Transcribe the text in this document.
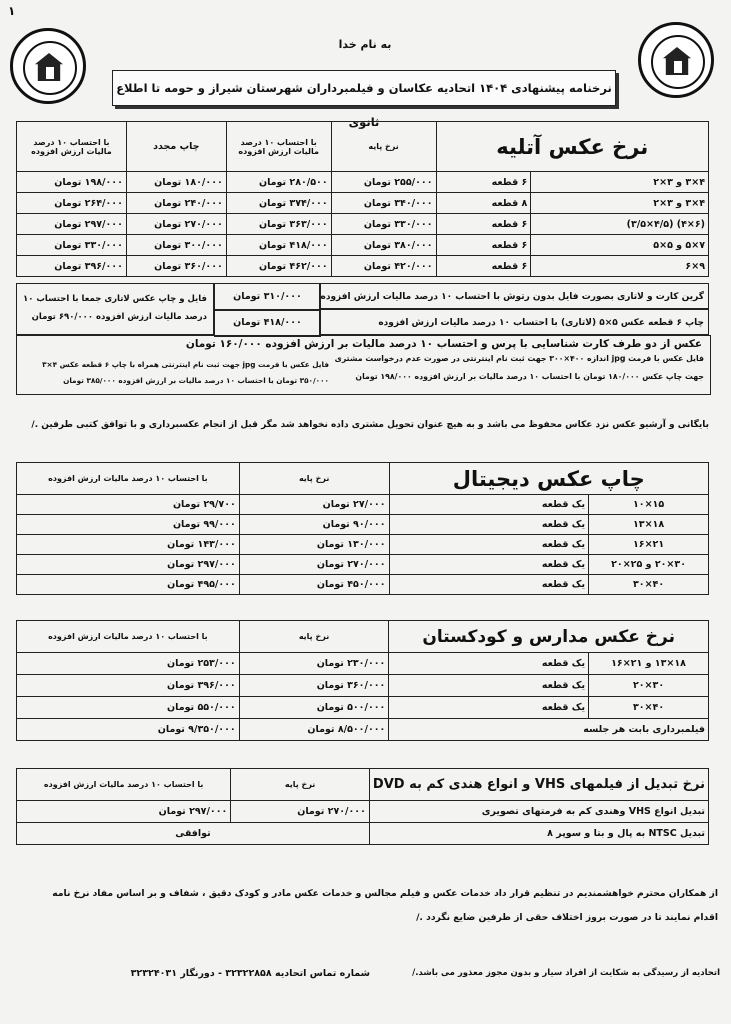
۱
به نام خدا
نرخنامه پیشنهادی ۱۴۰۴ اتحادیه عکاسان و فیلمبرداران شهرستان شیراز و حومه تا اطلاع ثانوی
نرخ عکس آتلیه		نرخ پایه	با احتساب ۱۰ درصد مالیات ارزش افزوده	چاپ مجدد	با احتساب ۱۰ درصد مالیات ارزش افزوده
۴×۳ و ۳×۲	۶ قطعه	۲۵۵/۰۰۰ تومان	۲۸۰/۵۰۰ تومان	۱۸۰/۰۰۰ تومان	۱۹۸/۰۰۰ تومان
۴×۳ و ۳×۲	۸ قطعه	۳۴۰/۰۰۰ تومان	۳۷۴/۰۰۰ تومان	۲۴۰/۰۰۰ تومان	۲۶۴/۰۰۰ تومان
(۶×۴) (۴/۵×۳/۵)	۶ قطعه	۳۳۰/۰۰۰ تومان	۳۶۳/۰۰۰ تومان	۲۷۰/۰۰۰ تومان	۲۹۷/۰۰۰ تومان
۷×۵ و ۵×۵	۶ قطعه	۳۸۰/۰۰۰ تومان	۴۱۸/۰۰۰ تومان	۳۰۰/۰۰۰ تومان	۳۳۰/۰۰۰ تومان
۹×۶	۶ قطعه	۴۲۰/۰۰۰ تومان	۴۶۲/۰۰۰ تومان	۳۶۰/۰۰۰ تومان	۳۹۶/۰۰۰ تومان
گرین کارت و لاتاری بصورت فایل بدون رتوش با احتساب ۱۰ درصد مالیات ارزش افزوده
۳۱۰/۰۰۰ تومان
چاپ ۶ قطعه عکس ۵×۵ (لاتاری) با احتساب ۱۰ درصد مالیات ارزش افزوده
۴۱۸/۰۰۰ تومان
فایل و چاپ عکس لاتاری جمعا با احتساب ۱۰
درصد مالیات ارزش افزوده ۶۹۰/۰۰۰ تومان
عکس از دو طرف کارت شناسایی با پرس و احتساب ۱۰ درصد مالیات بر ارزش افزوده ۱۶۰/۰۰۰ تومان
فایل عکس با فرمت jpg اندازه ۴۰۰×۳۰۰ جهت ثبت نام اینترنتی در صورت عدم درخواست مشتری
جهت چاپ عکس ۱۸۰/۰۰۰ تومان با احتساب ۱۰ درصد مالیات بر ارزش افزوده ۱۹۸/۰۰۰ تومان
فایل عکس با فرمت jpg جهت ثبت نام اینترنتی همراه با چاپ ۶ قطعه عکس ۴×۳
۳۵۰/۰۰۰ تومان با احتساب ۱۰ درصد مالیات بر ارزش افزوده ۳۸۵/۰۰۰ تومان
بایگانی و آرشیو عکس نزد عکاس محفوظ می باشد و به هیچ عنوان تحویل مشتری داده نخواهد شد مگر قبل از انجام عکسبرداری و با توافق کتبی طرفین ./
چاپ عکس دیجیتال		نرخ پایه	با احتساب ۱۰ درصد مالیات ارزش افزوده
۱۵×۱۰	یک قطعه	۲۷/۰۰۰ تومان	۲۹/۷۰۰ تومان
۱۸×۱۳	یک قطعه	۹۰/۰۰۰ تومان	۹۹/۰۰۰ تومان
۲۱×۱۶	یک قطعه	۱۳۰/۰۰۰ تومان	۱۴۳/۰۰۰ تومان
۳۰×۲۰ و ۲۵×۲۰	یک قطعه	۲۷۰/۰۰۰ تومان	۲۹۷/۰۰۰ تومان
۴۰×۳۰	یک قطعه	۴۵۰/۰۰۰ تومان	۴۹۵/۰۰۰ تومان
نرخ عکس مدارس و کودکستان		نرخ پایه	با احتساب ۱۰ درصد مالیات ارزش افزوده
۱۸×۱۳ و ۲۱×۱۶	یک قطعه	۲۳۰/۰۰۰ تومان	۲۵۳/۰۰۰ تومان
۳۰×۲۰	یک قطعه	۳۶۰/۰۰۰ تومان	۳۹۶/۰۰۰ تومان
۴۰×۳۰	یک قطعه	۵۰۰/۰۰۰ تومان	۵۵۰/۰۰۰ تومان
فیلمبرداری بابت هر جلسه		۸/۵۰۰/۰۰۰ تومان	۹/۳۵۰/۰۰۰ تومان
نرخ تبدیل از فیلمهای VHS و انواع هندی کم به DVD	نرخ پایه	با احتساب ۱۰ درصد مالیات ارزش افزوده
تبدیل انواع VHS وهندی کم به فرمتهای تصویری	۲۷۰/۰۰۰ تومان	۲۹۷/۰۰۰ تومان
تبدیل NTSC به پال و بتا و سوپر ۸	توافقی	
از همکاران محترم خواهشمندیم در تنظیم قرار داد خدمات عکس و فیلم مجالس و خدمات عکس مادر و کودک دقیق ، شفاف و بر اساس مفاد نرخ نامه
اقدام نمایند تا در صورت بروز اختلاف حقی از طرفین ضایع نگردد ./
اتحادیه از رسیدگی به شکایت از افراد سیار و بدون مجوز معذور می باشد./
شماره تماس اتحادیه ۳۲۳۲۲۸۵۸ - دورنگار ۳۲۳۲۴۰۳۱
